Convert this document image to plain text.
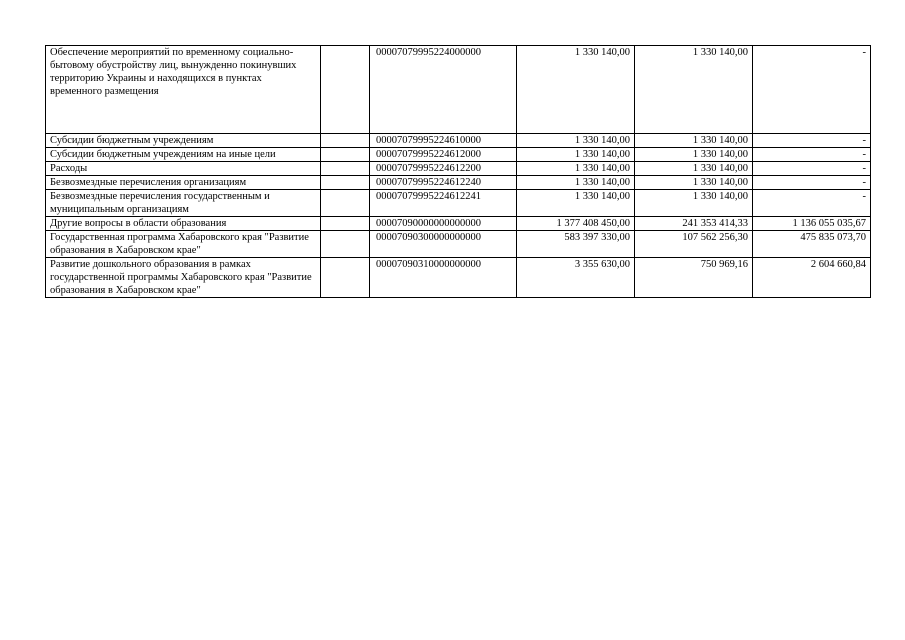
Обеспечение мероприятий по временному социально-бытовому обустройству лиц, вынужденно покинувших территорию Украины и находящихся в пунктах временного размещения		00007079995224000000	1 330 140,00	1 330 140,00	-
Субсидии бюджетным учреждениям		00007079995224610000	1 330 140,00	1 330 140,00	-
Субсидии бюджетным учреждениям на иные цели		00007079995224612000	1 330 140,00	1 330 140,00	-
Расходы		00007079995224612200	1 330 140,00	1 330 140,00	-
Безвозмездные перечисления организациям		00007079995224612240	1 330 140,00	1 330 140,00	-
Безвозмездные перечисления государственным и муниципальным организациям		00007079995224612241	1 330 140,00	1 330 140,00	-
Другие вопросы в области образования		00007090000000000000	1 377 408 450,00	241 353 414,33	1 136 055 035,67
Государственная программа Хабаровского края "Развитие образования в Хабаровском крае"		00007090300000000000	583 397 330,00	107 562 256,30	475 835 073,70
Развитие дошкольного образования в рамках государственной программы Хабаровского края "Развитие образования в Хабаровском крае"		00007090310000000000	3 355 630,00	750 969,16	2 604 660,84
